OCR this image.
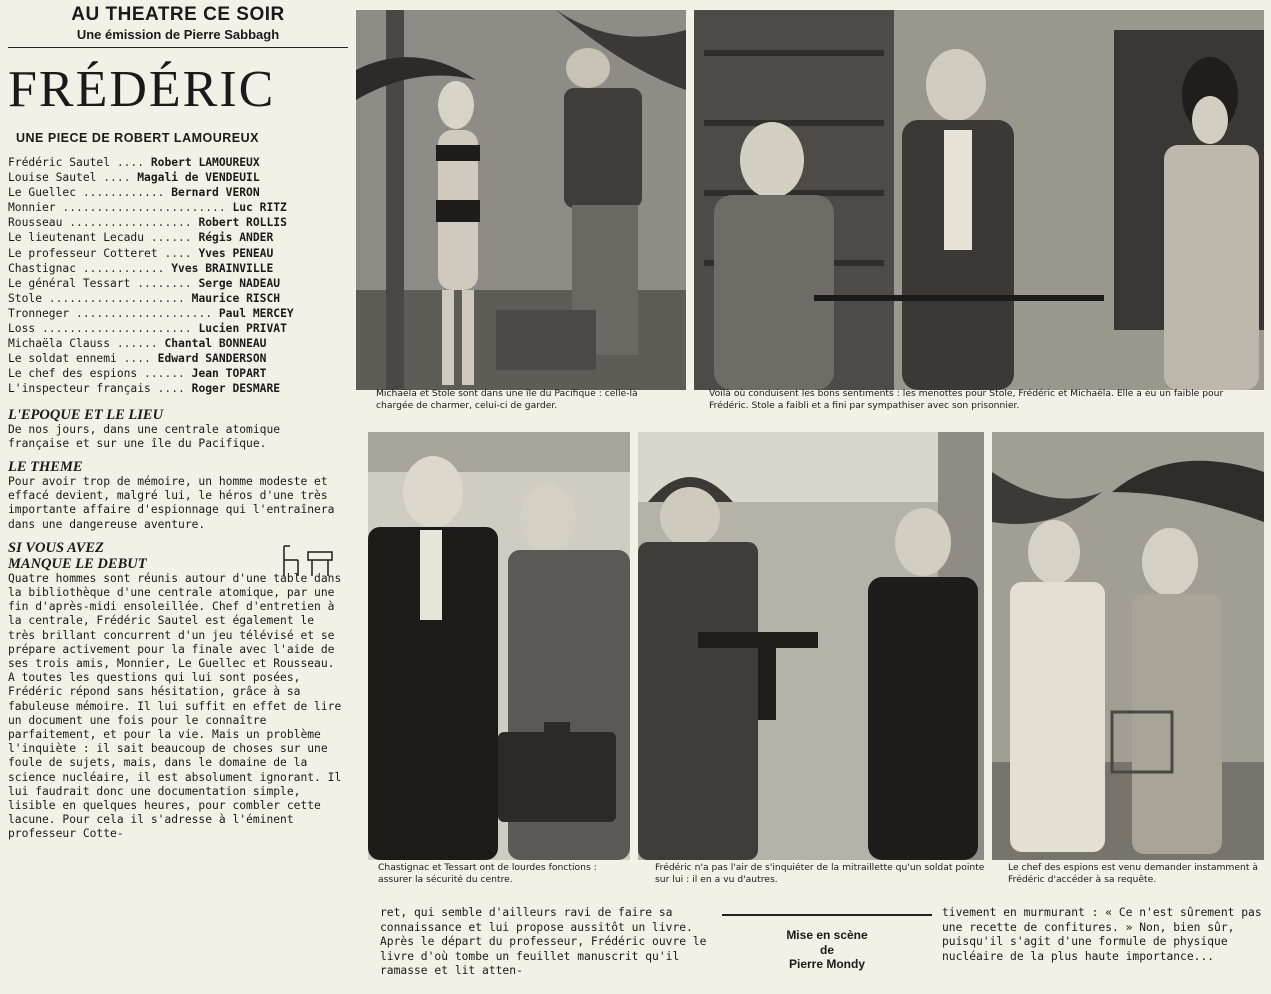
AU THEATRE CE SOIR
Une émission de Pierre Sabbagh
FRÉDÉRIC
UNE PIECE DE ROBERT LAMOUREUX
Frédéric Sautel .... Robert LAMOUREUX
Louise Sautel .... Magali de VENDEUIL
Le Guellec ............ Bernard VERON
Monnier ........................ Luc RITZ
Rousseau .................. Robert ROLLIS
Le lieutenant Lecadu ...... Régis ANDER
Le professeur Cotteret .... Yves PENEAU
Chastignac ............ Yves BRAINVILLE
Le général Tessart ........ Serge NADEAU
Stole .................... Maurice RISCH
Tronneger .................... Paul MERCEY
Loss ...................... Lucien PRIVAT
Michaëla Clauss ...... Chantal BONNEAU
Le soldat ennemi .... Edward SANDERSON
Le chef des espions ...... Jean TOPART
L'inspecteur français .... Roger DESMARE

L'EPOQUE ET LE LIEU

De nos jours, dans une centrale atomique française et sur une île du Pacifique.

LE THEME

Pour avoir trop de mémoire, un homme modeste et effacé devient, malgré lui, le héros d'une très importante affaire d'espionnage qui l'entraînera dans une dangereuse aventure.

SI VOUS AVEZ

MANQUE LE DEBUT

Quatre hommes sont réunis autour d'une table dans la bibliothèque d'une centrale atomique, par une fin d'après-midi ensoleillée. Chef d'entretien à la centrale, Frédéric Sautel est également le très brillant concurrent d'un jeu télévisé et se prépare activement pour la finale avec l'aide de ses trois amis, Monnier, Le Guellec et Rousseau. A toutes les questions qui lui sont posées, Frédéric répond sans hésitation, grâce à sa fabuleuse mémoire. Il lui suffit en effet de lire un document une fois pour le connaître parfaitement, et pour la vie. Mais un problème l'inquiète : il sait beaucoup de choses sur une foule de sujets, mais, dans le domaine de la science nucléaire, il est absolument ignorant. Il lui faudrait donc une documentation simple, lisible en quelques heures, pour combler cette lacune. Pour cela il s'adresse à l'éminent professeur Cotte-

Michaëla et Stole sont dans une île du Pacifique : celle-là chargée de charmer, celui-ci de garder.

Voilà où conduisent les bons sentiments : les menottes pour Stole, Frédéric et Michaëla. Elle a eu un faible pour Frédéric. Stole a faibli et a fini par sympathiser avec son prisonnier.

Chastignac et Tessart ont de lourdes fonctions : assurer la sécurité du centre.

Frédéric n'a pas l'air de s'inquiéter de la mitraillette qu'un soldat pointe sur lui : il en a vu d'autres.

Le chef des espions est venu demander instamment à Frédéric d'accéder à sa requête.

ret, qui semble d'ailleurs ravi de faire sa connaissance et lui propose aussitôt un livre. Après le départ du professeur, Frédéric ouvre le livre d'où tombe un feuillet manuscrit qu'il ramasse et lit atten-

Mise en scène
de
Pierre Mondy

tivement en murmurant : « Ce n'est sûrement pas une recette de confitures. » Non, bien sûr, puisqu'il s'agit d'une formule de physique nucléaire de la plus haute importance...
